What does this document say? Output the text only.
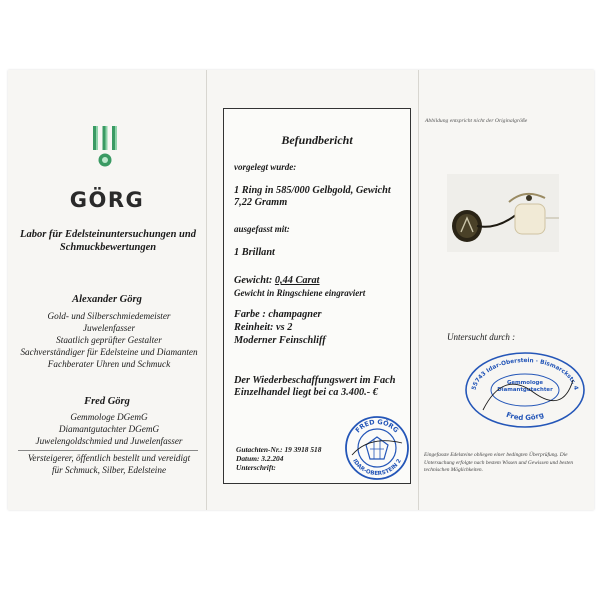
GÖRG
Labor für Edelsteinuntersuchungen und Schmuckbewertungen
Alexander Görg
Gold- und Silberschmiedemeister
Juwelenfasser
Staatlich geprüfter Gestalter
Sachverständiger für Edelsteine und Diamanten
Fachberater Uhren und Schmuck
Fred Görg
Gemmologe DGemG
Diamantgutachter DGemG
Juwelengoldschmied und Juwelenfasser
Versteigerer, öffentlich bestellt und vereidigt
für Schmuck, Silber, Edelsteine
Befundbericht
vorgelegt wurde:
1 Ring in 585/000 Gelbgold, Gewicht 7,22 Gramm
ausgefasst mit:
1 Brillant
Gewicht: 0,44 Carat
Gewicht in Ringschiene eingraviert
Farbe : champagner
Reinheit: vs 2
Moderner Feinschliff
Der Wiederbeschaffungswert im Fach Einzelhandel liegt bei ca 3.400.- €
Gutachten-Nr.: 19 3918 518
Datum: 3.2.204
Unterschrift:
FRED GÖRG
IDAR-OBERSTEIN 2
Abbildung entspricht nicht der Originalgröße
Untersucht durch :
55743 Idar-Oberstein · Bismarckstr. 4
Fred Görg
Gemmologe Diamantgutachter
Eingefasste Edelsteine obliegen einer bedingten Überprüfung. Die Untersuchung erfolgte nach bestem Wissen und Gewissen und besten technischen Möglichkeiten.
